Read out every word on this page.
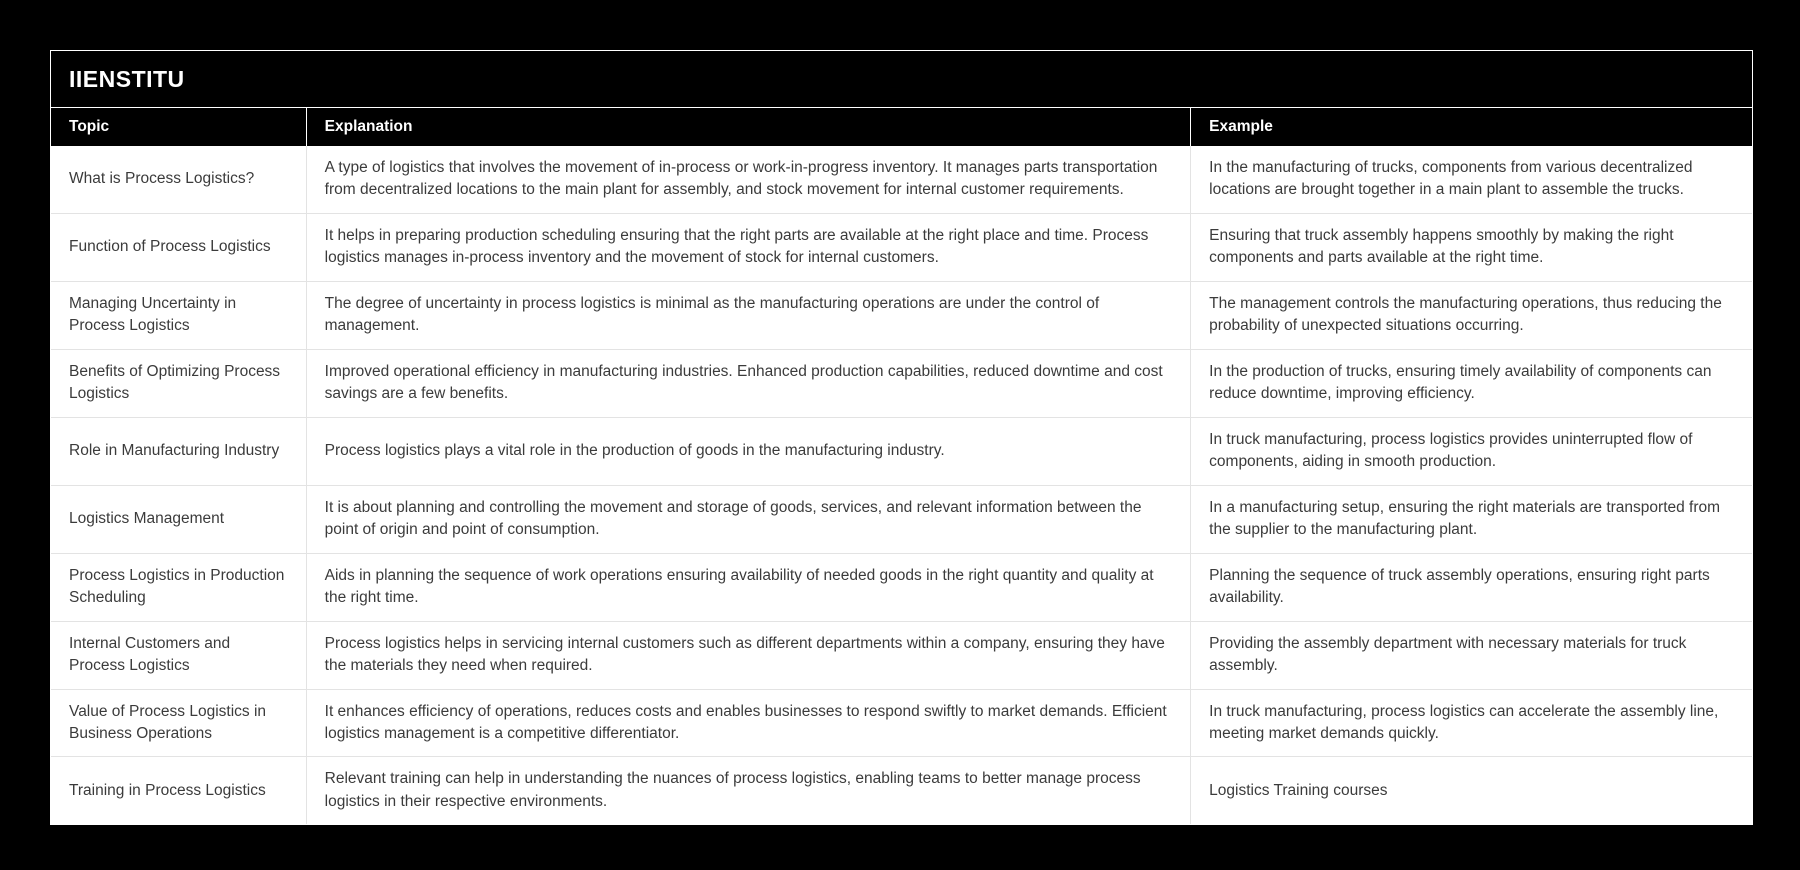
IIENSTITU
Topic	Explanation	Example
What is Process Logistics?	A type of logistics that involves the movement of in-process or work-in-progress inventory. It manages parts transportation from decentralized locations to the main plant for assembly, and stock movement for internal customer requirements.	In the manufacturing of trucks, components from various decentralized locations are brought together in a main plant to assemble the trucks.
Function of Process Logistics	It helps in preparing production scheduling ensuring that the right parts are available at the right place and time. Process logistics manages in-process inventory and the movement of stock for internal customers.	Ensuring that truck assembly happens smoothly by making the right components and parts available at the right time.
Managing Uncertainty in Process Logistics	The degree of uncertainty in process logistics is minimal as the manufacturing operations are under the control of management.	The management controls the manufacturing operations, thus reducing the probability of unexpected situations occurring.
Benefits of Optimizing Process Logistics	Improved operational efficiency in manufacturing industries. Enhanced production capabilities, reduced downtime and cost savings are a few benefits.	In the production of trucks, ensuring timely availability of components can reduce downtime, improving efficiency.
Role in Manufacturing Industry	Process logistics plays a vital role in the production of goods in the manufacturing industry.	In truck manufacturing, process logistics provides uninterrupted flow of components, aiding in smooth production.
Logistics Management	It is about planning and controlling the movement and storage of goods, services, and relevant information between the point of origin and point of consumption.	In a manufacturing setup, ensuring the right materials are transported from the supplier to the manufacturing plant.
Process Logistics in Production Scheduling	Aids in planning the sequence of work operations ensuring availability of needed goods in the right quantity and quality at the right time.	Planning the sequence of truck assembly operations, ensuring right parts availability.
Internal Customers and Process Logistics	Process logistics helps in servicing internal customers such as different departments within a company, ensuring they have the materials they need when required.	Providing the assembly department with necessary materials for truck assembly.
Value of Process Logistics in Business Operations	It enhances efficiency of operations, reduces costs and enables businesses to respond swiftly to market demands. Efficient logistics management is a competitive differentiator.	In truck manufacturing, process logistics can accelerate the assembly line, meeting market demands quickly.
Training in Process Logistics	Relevant training can help in understanding the nuances of process logistics, enabling teams to better manage process logistics in their respective environments.	Logistics Training courses
